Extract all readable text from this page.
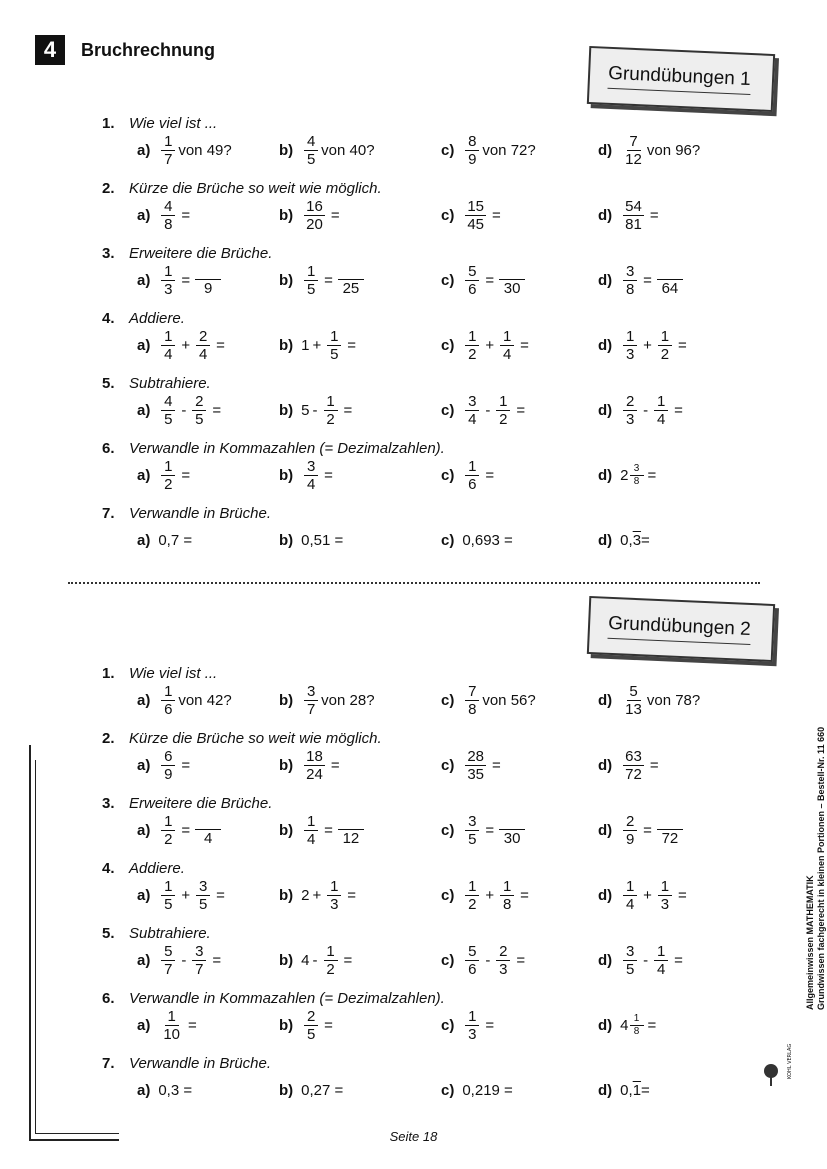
4	Bruchrechnung
Grundübungen 1
Grundübungen 2
1. Wie viel ist ...
$a) \frac{1}{7}$ von 49?	$b) \frac{4}{5}$ von 40?	$c) \frac{8}{9}$ von 72?	$d) \frac{7}{12}$ von 96?
2. Kürze die Brüche so weit wie möglich.
$a) \frac{4}{8}$ =	$b) \frac{16}{20}$ =	$c) \frac{15}{45}$ =	$d) \frac{54}{81}$ =
3. Erweitere die Brüche.
$a) \frac{1}{3} = 9$	$b) \frac{1}{5} = 25$	$c) \frac{5}{6} = 30$	$d) \frac{3}{8} = 64$
4. Addiere.
$a) \frac{1}{4} + \frac{2}{4}$ =	b) $1 + \frac{1}{5}$ =	$c) \frac{1}{2} + \frac{1}{4}$ =	$d) \frac{1}{3} + \frac{1}{2}$ =
5. Subtrahiere.
$a) \frac{4}{5} - \frac{2}{5}$ =	b) $5 - \frac{1}{2}$ =	$c) \frac{3}{4} - \frac{1}{2}$ =	$d) \frac{2}{3} - \frac{1}{4}$ =
6. Verwandle in Kommazahlen (= Dezimalzahlen).
$a) \frac{1}{2}$ =	$b) \frac{3}{4}$ =	$c) \frac{1}{6}$ =	d) $2 \frac{3}{8}$ =
7. Verwandle in Brüche.
a) 0,7 =	b) 0,51 =	c) 0,693 =	d) 0, 3 =
1. Wie viel ist ...
$a) \frac{1}{6}$ von 42?	$b) \frac{3}{7}$ von 28?	$c) \frac{7}{8}$ von 56?	$d) \frac{5}{13}$ von 78?
2. Kürze die Brüche so weit wie möglich.
$a) \frac{6}{9}$ =	$b) \frac{18}{24}$ =	$c) \frac{28}{35}$ =	$d) \frac{63}{72}$ =
3. Erweitere die Brüche.
$a) \frac{1}{2} = 4$	$b) \frac{1}{4} = 12$	$c) \frac{3}{5} = 30$	$d) \frac{2}{9} = 72$
4. Addiere.
$a) \frac{1}{5} + \frac{3}{5}$ =	b) $2 + \frac{1}{3}$ =	$c) \frac{1}{2} + \frac{1}{8}$ =	$d) \frac{1}{4} + \frac{1}{3}$ =
5. Subtrahiere.
$a) \frac{5}{7} - \frac{3}{7}$ =	b) $4 - \frac{1}{2}$ =	$c) \frac{5}{6} - \frac{2}{3}$ =	$d) \frac{3}{5} - \frac{1}{4}$ =
6. Verwandle in Kommazahlen (= Dezimalzahlen).
$a) \frac{1}{10}$ =	$b) \frac{2}{5}$ =	$c) \frac{1}{3}$ =	d) $4 \frac{1}{8}$ =
7. Verwandle in Brüche.
a) 0,3 =	b) 0,27 =	c) 0,219 =	d) 0, 1 =
Seite 18
Allgemeinwissen MATHEMATIK Grundwissen fachgerecht in kleinen Portionen – Bestell-Nr. 11 660
KOHL VERLAG
